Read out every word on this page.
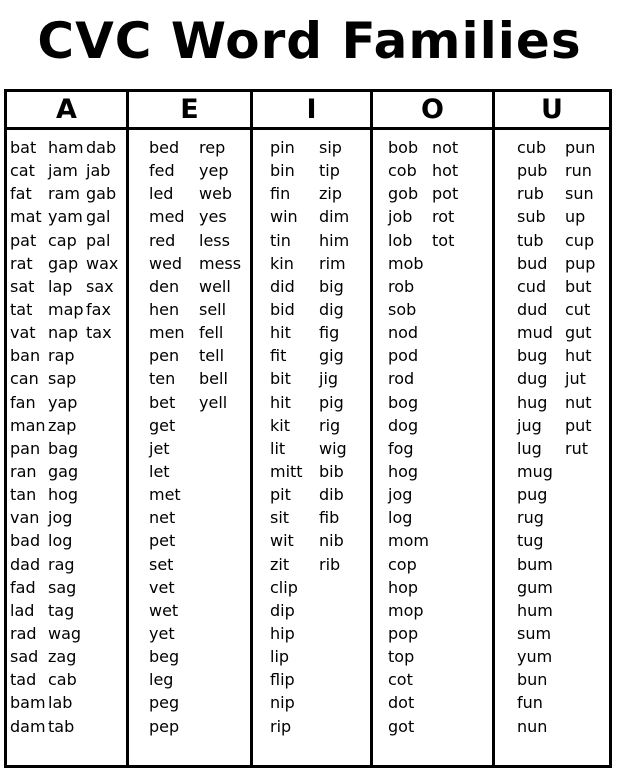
CVC Word Families
A
bat
cat
fat
mat
pat
rat
sat
tat
vat
ban
can
fan
man
pan
ran
tan
van
bad
dad
fad
lad
rad
sad
tad
bam
dam
ham
jam
ram
yam
cap
gap
lap
map
nap
rap
sap
yap
zap
bag
gag
hog
jog
log
rag
sag
tag
wag
zag
cab
lab
tab
dab
jab
gab
gal
pal
wax
sax
fax
tax
E
bed
fed
led
med
red
wed
den
hen
men
pen
ten
bet
get
jet
let
met
net
pet
set
vet
wet
yet
beg
leg
peg
pep
rep
yep
web
yes
less
mess
well
sell
fell
tell
bell
yell
I
pin
bin
fin
win
tin
kin
did
bid
hit
fit
bit
hit
kit
lit
mitt
pit
sit
wit
zit
clip
dip
hip
lip
flip
nip
rip
sip
tip
zip
dim
him
rim
big
dig
fig
gig
jig
pig
rig
wig
bib
dib
fib
nib
rib
O
bob
cob
gob
job
lob
mob
rob
sob
nod
pod
rod
bog
dog
fog
hog
jog
log
mom
cop
hop
mop
pop
top
cot
dot
got
not
hot
pot
rot
tot
U
cub
pub
rub
sub
tub
bud
cud
dud
mud
bug
dug
hug
jug
lug
mug
pug
rug
tug
bum
gum
hum
sum
yum
bun
fun
nun
pun
run
sun
up
cup
pup
but
cut
gut
hut
jut
nut
put
rut
